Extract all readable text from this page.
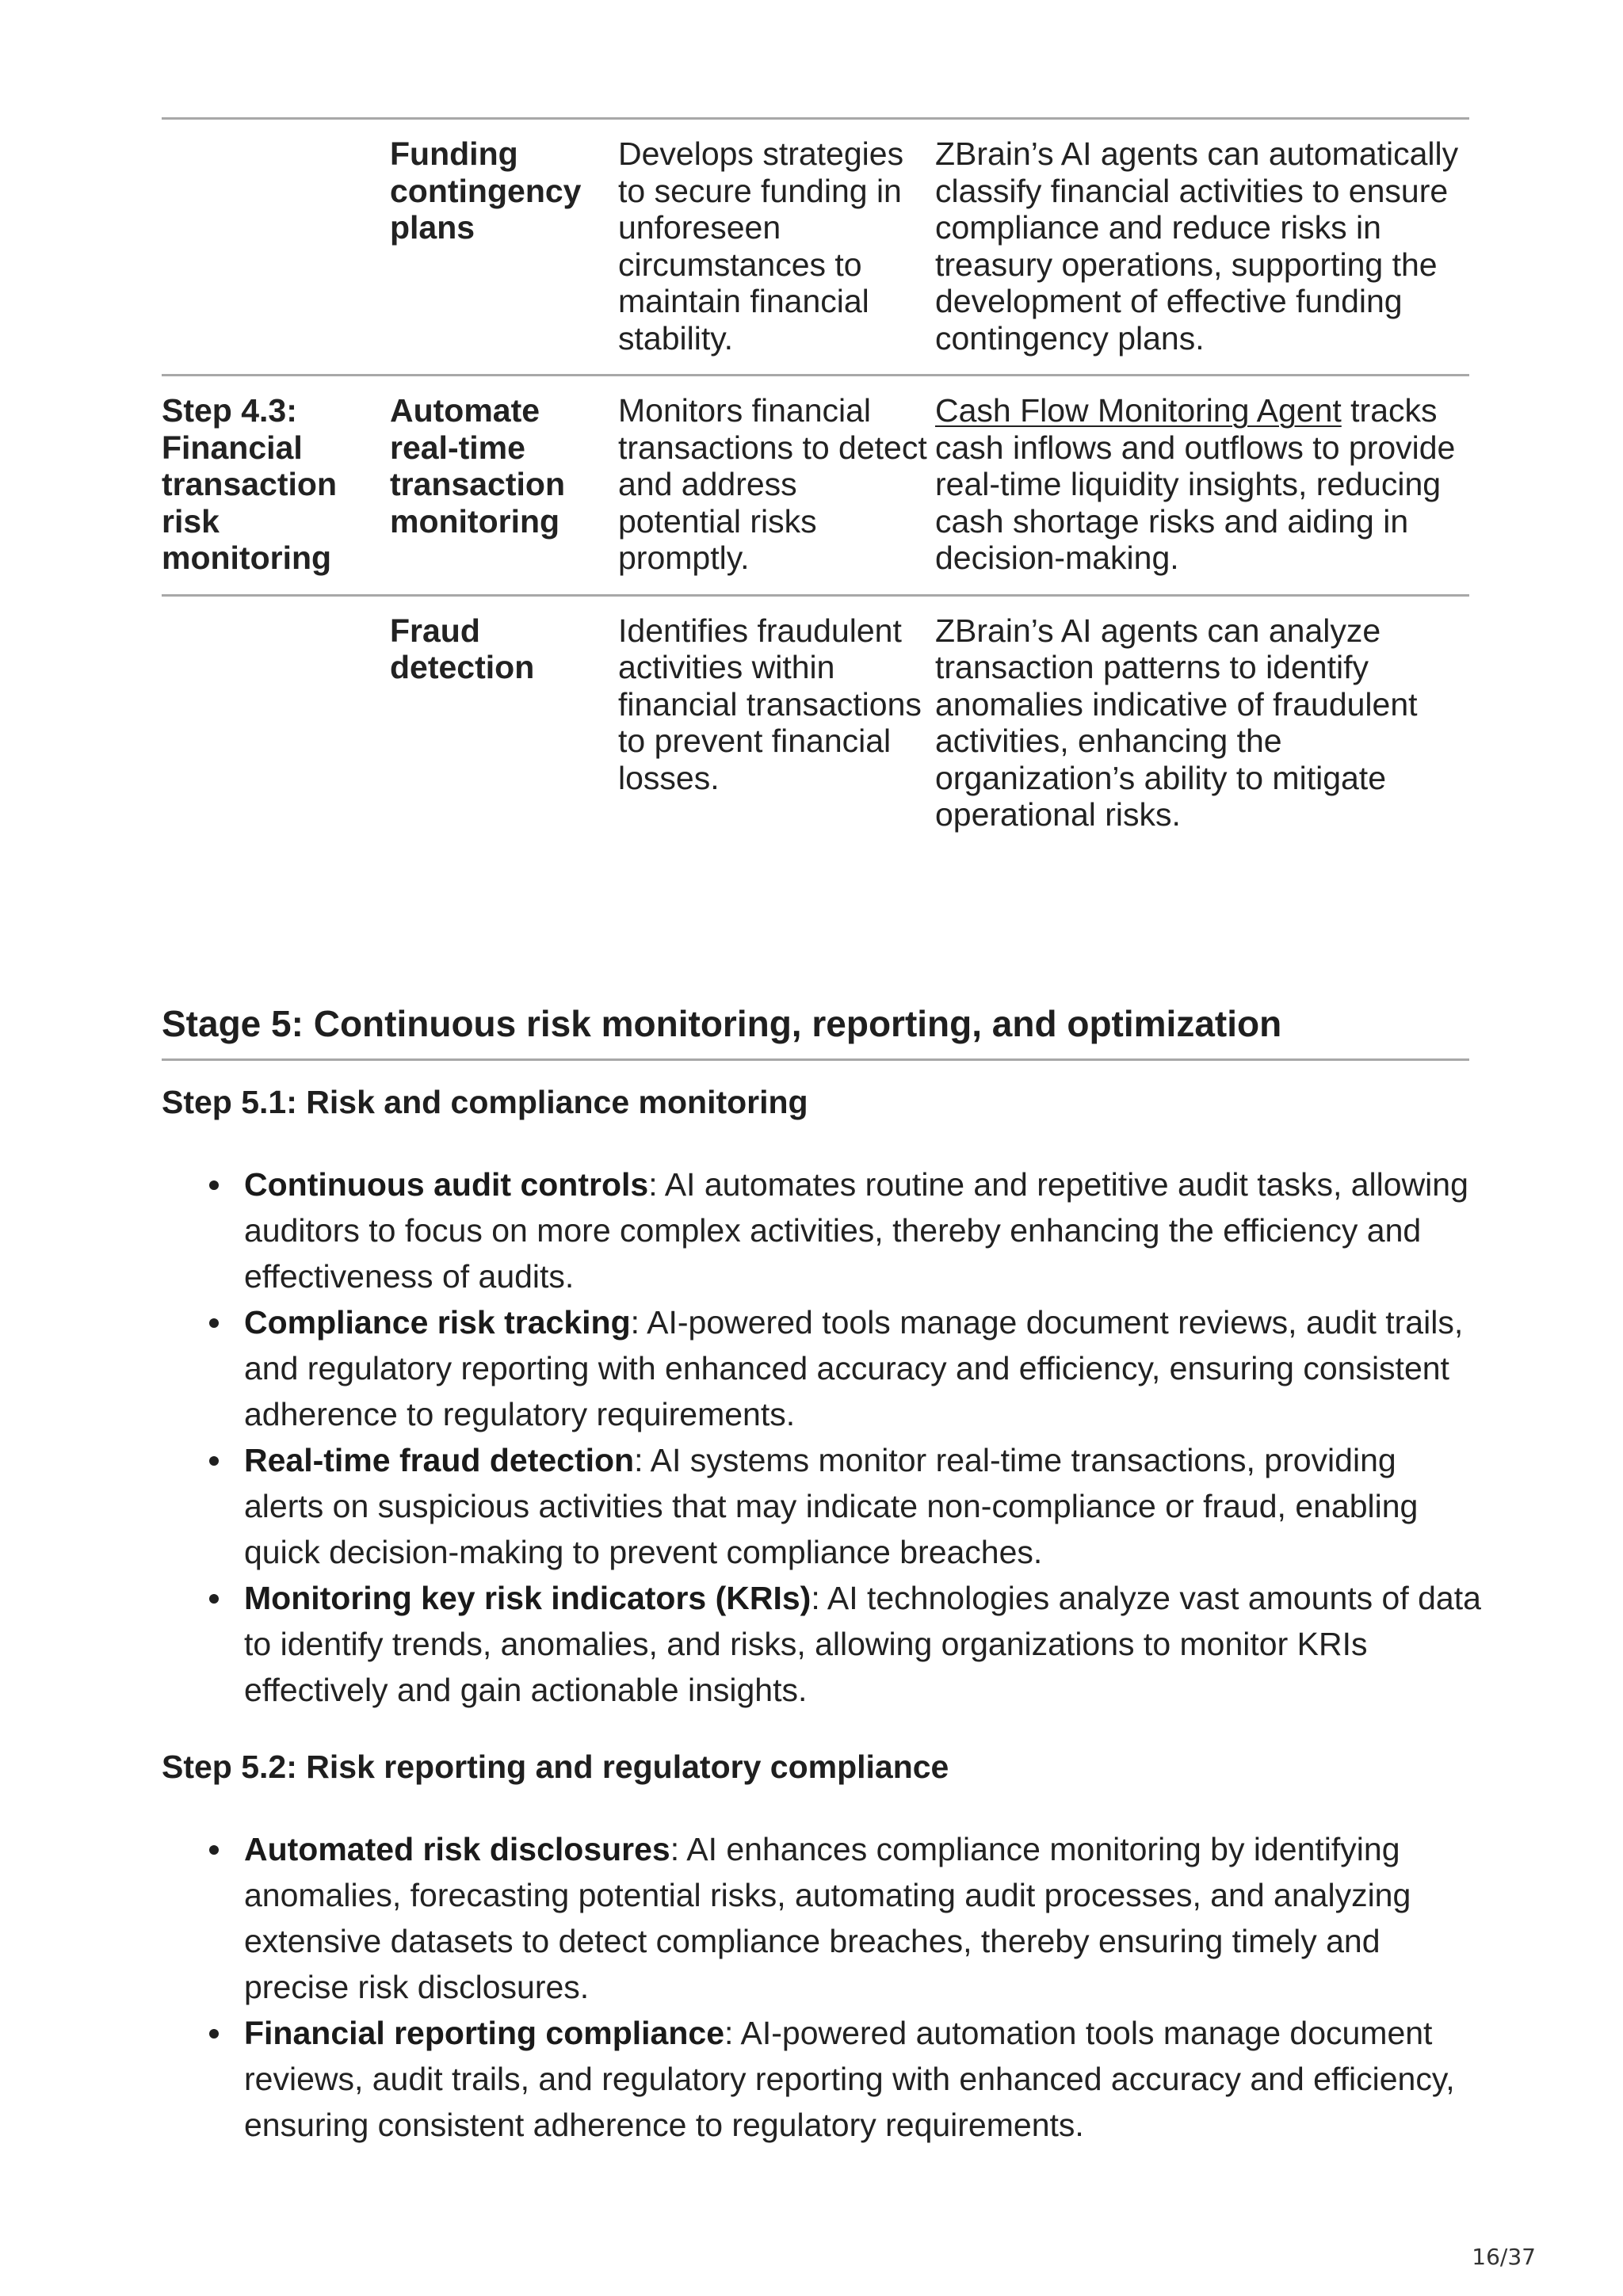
	Funding contingency plans	Develops strategies to secure funding in unforeseen circumstances to maintain financial stability.	ZBrain’s AI agents can automatically classify financial activities to ensure compliance and reduce risks in treasury operations, supporting the development of effective funding contingency plans.
Step 4.3: Financial transaction risk monitoring	Automate real-time transaction monitoring	Monitors financial transactions to detect and address potential risks promptly.	Cash Flow Monitoring Agent tracks cash inflows and outflows to provide real-time liquidity insights, reducing cash shortage risks and aiding in decision-making.
	Fraud detection	Identifies fraudulent activities within financial transactions to prevent financial losses.	ZBrain’s AI agents can analyze transaction patterns to identify anomalies indicative of fraudulent activities, enhancing the organization’s ability to mitigate operational risks.
Stage 5: Continuous risk monitoring, reporting, and optimization
Step 5.1: Risk and compliance monitoring
Continuous audit controls: AI automates routine and repetitive audit tasks, allowing auditors to focus on more complex activities, thereby enhancing the efficiency and effectiveness of audits.
Compliance risk tracking: AI-powered tools manage document reviews, audit trails, and regulatory reporting with enhanced accuracy and efficiency, ensuring consistent adherence to regulatory requirements.
Real-time fraud detection: AI systems monitor real-time transactions, providing alerts on suspicious activities that may indicate non-compliance or fraud, enabling quick decision-making to prevent compliance breaches.
Monitoring key risk indicators (KRIs): AI technologies analyze vast amounts of data to identify trends, anomalies, and risks, allowing organizations to monitor KRIs effectively and gain actionable insights.
Step 5.2: Risk reporting and regulatory compliance
Automated risk disclosures: AI enhances compliance monitoring by identifying anomalies, forecasting potential risks, automating audit processes, and analyzing extensive datasets to detect compliance breaches, thereby ensuring timely and precise risk disclosures.
Financial reporting compliance: AI-powered automation tools manage document reviews, audit trails, and regulatory reporting with enhanced accuracy and efficiency, ensuring consistent adherence to regulatory requirements.
16/37
